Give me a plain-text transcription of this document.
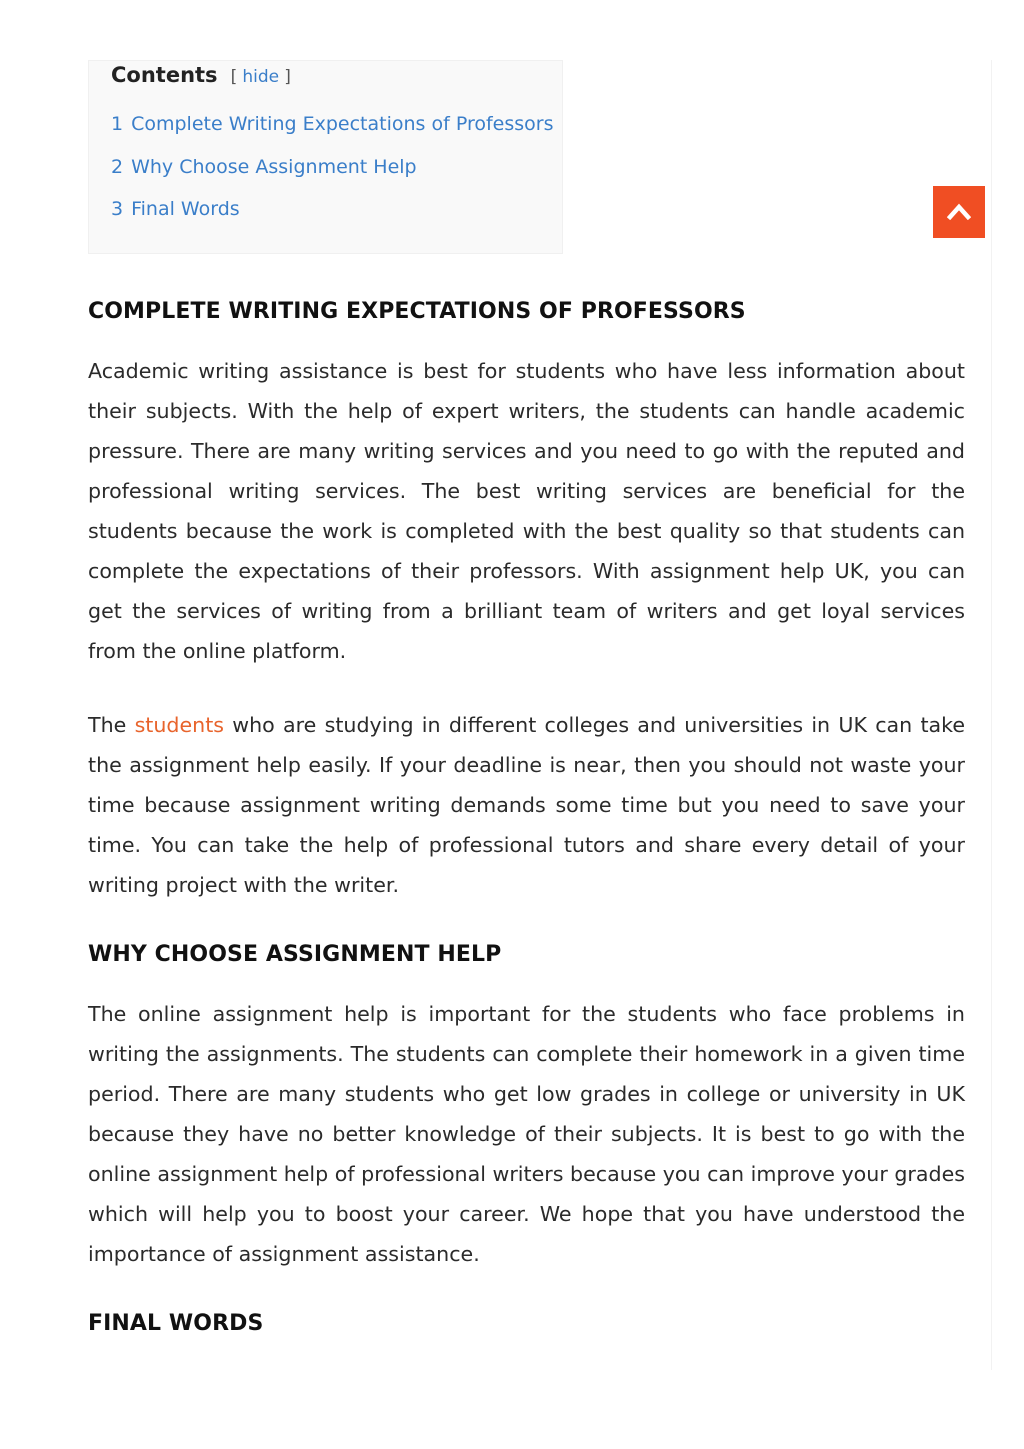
Contents [ hide ]
1 Complete Writing Expectations of Professors
2 Why Choose Assignment Help
3 Final Words
COMPLETE WRITING EXPECTATIONS OF PROFESSORS

Academic writing assistance is best for students who have less information about their subjects. With the help of expert writers, the students can handle academic pressure. There are many writing services and you need to go with the reputed and professional writing services. The best writing services are beneficial for the students because the work is completed with the best quality so that students can complete the expectations of their professors. With assignment help UK, you can get the services of writing from a brilliant team of writers and get loyal services from the online platform.

The students who are studying in different colleges and universities in UK can take the assignment help easily. If your deadline is near, then you should not waste your time because assignment writing demands some time but you need to save your time. You can take the help of professional tutors and share every detail of your writing project with the writer.

WHY CHOOSE ASSIGNMENT HELP

The online assignment help is important for the students who face problems in writing the assignments. The students can complete their homework in a given time period. There are many students who get low grades in college or university in UK because they have no better knowledge of their subjects. It is best to go with the online assignment help of professional writers because you can improve your grades which will help you to boost your career. We hope that you have understood the importance of assignment assistance.

FINAL WORDS
